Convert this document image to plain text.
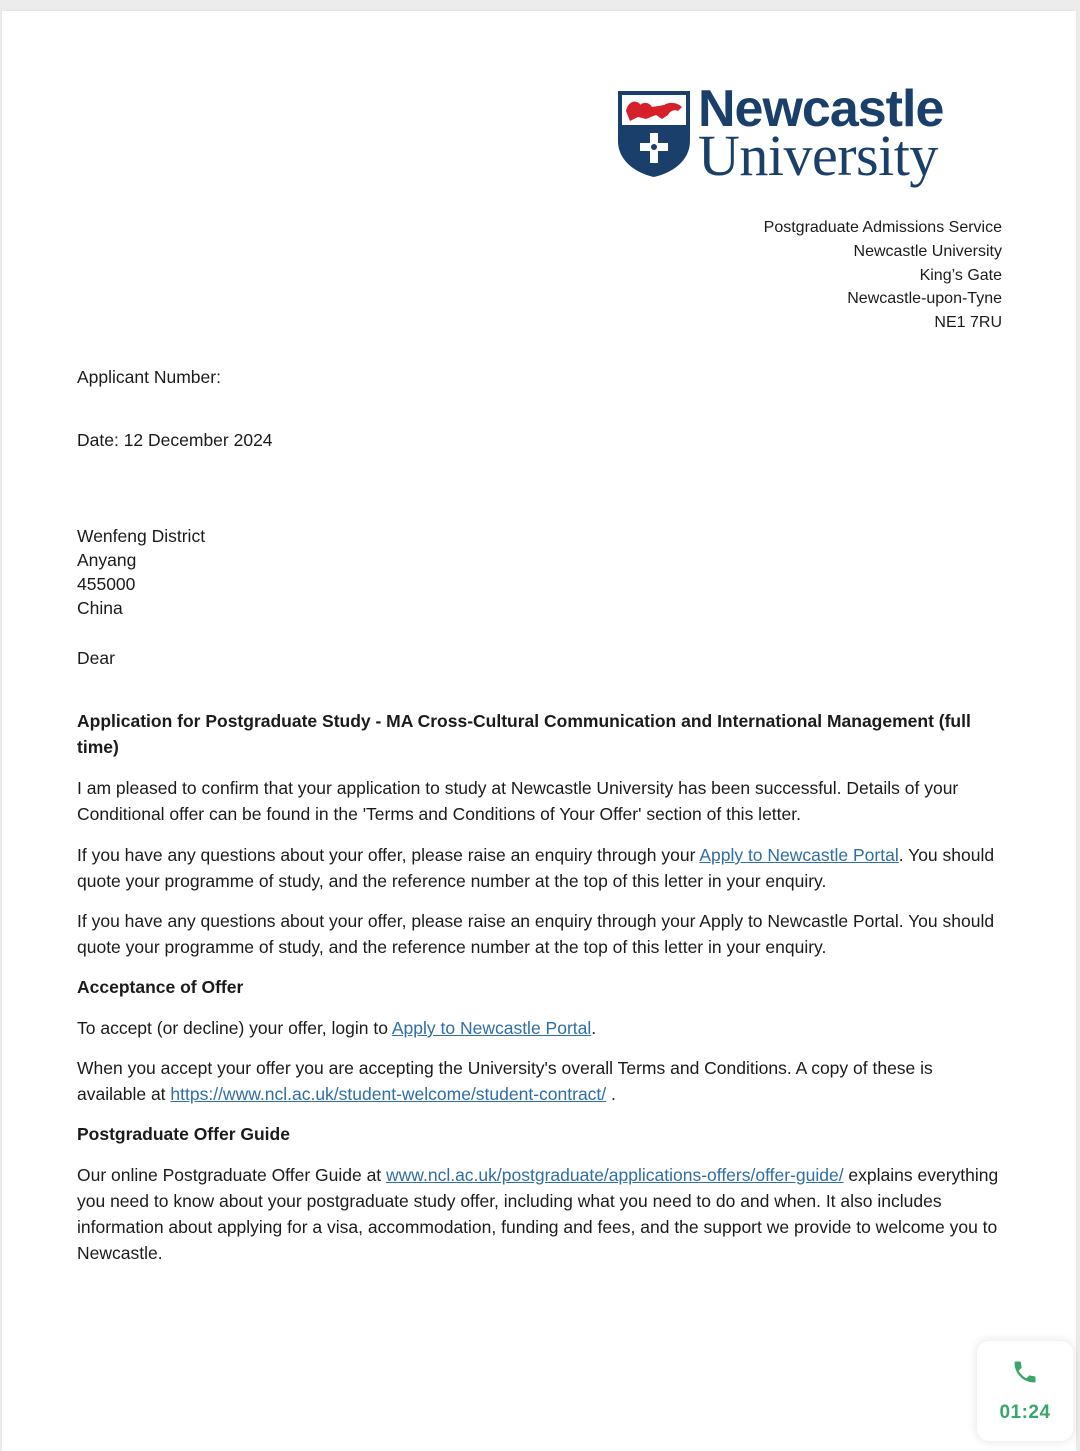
Newcastle
University
Postgraduate Admissions Service
Newcastle University
King’s Gate
Newcastle-upon-Tyne
NE1 7RU
Applicant Number:
Date: 12 December 2024
Wenfeng District
Anyang
455000
China
Dear
Application for Postgraduate Study - MA Cross-Cultural Communication and International Management (full time)

I am pleased to confirm that your application to study at Newcastle University has been successful. Details of your Conditional offer can be found in the 'Terms and Conditions of Your Offer' section of this letter.

If you have any questions about your offer, please raise an enquiry through your Apply to Newcastle Portal. You should quote your programme of study, and the reference number at the top of this letter in your enquiry.

If you have any questions about your offer, please raise an enquiry through your Apply to Newcastle Portal. You should quote your programme of study, and the reference number at the top of this letter in your enquiry.

Acceptance of Offer

To accept (or decline) your offer, login to Apply to Newcastle Portal.

When you accept your offer you are accepting the University's overall Terms and Conditions. A copy of these is available at https://www.ncl.ac.uk/student-welcome/student-contract/ .

Postgraduate Offer Guide

Our online Postgraduate Offer Guide at www.ncl.ac.uk/postgraduate/applications-offers/offer-guide/ explains everything you need to know about your postgraduate study offer, including what you need to do and when. It also includes information about applying for a visa, accommodation, funding and fees, and the support we provide to welcome you to Newcastle.

01:24
